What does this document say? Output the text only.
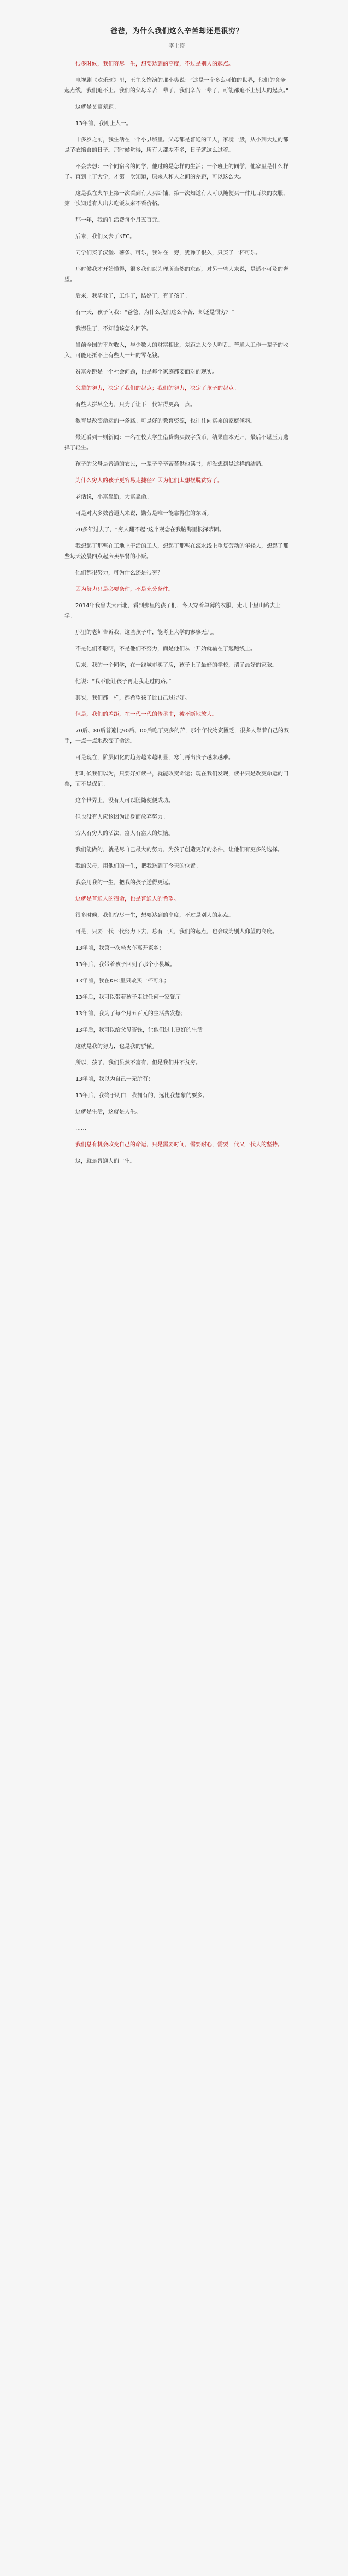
爸爸，为什么我们这么辛苦却还是很穷？
李上涛

很多时候，我们穷尽一生，想要达到的高度，不过是别人的起点。

电视剧《欢乐颂》里，王主义饰演的那小樊说：“这是一个多么可怕的世界，他们的竞争起点线，我们追不上。我们的父母辛苦一辈子，我们辛苦一辈子，可能都追不上别人的起点。”

这就是贫富差距。

13年前，我刚上大一。

十多岁之前，我生活在一个小县城里。父母都是普通的工人，家境一般，从小到大过的都是节衣缩食的日子。那时候觉得，所有人都差不多，日子就这么过着。

不会去想：一个同宿舍的同学，他过的是怎样的生活；一个班上的同学，他家里是什么样子。直到上了大学，才第一次知道，原来人和人之间的差距，可以这么大。

这是我在火车上第一次看到有人买卧铺，第一次知道有人可以随便买一件几百块的衣服，第一次知道有人出去吃饭从来不看价格。

那一年，我的生活费每个月五百元。

后来，我们又去了KFC。

同学们买了汉堡、薯条、可乐，我站在一旁，犹豫了很久，只买了一杯可乐。

那时候我才开始懂得，很多我们以为理所当然的东西，对另一些人来说，是遥不可及的奢望。

后来，我毕业了，工作了，结婚了，有了孩子。

有一天，孩子问我：“爸爸，为什么我们这么辛苦，却还是很穷？”

我愣住了，不知道该怎么回答。

当前全国的平均收入，与少数人的财富相比，差距之大令人咋舌。普通人工作一辈子的收入，可能还抵不上有些人一年的零花钱。

贫富差距是一个社会问题，也是每个家庭都要面对的现实。

父辈的努力，决定了我们的起点；我们的努力，决定了孩子的起点。

有些人拼尽全力，只为了让下一代站得更高一点。

教育是改变命运的一条路。可是好的教育资源，也往往向富裕的家庭倾斜。

最近看到一则新闻：一名在校大学生借贷购买数字货币，结果血本无归，最后不堪压力选择了轻生。

孩子的父母是普通的农民，一辈子辛辛苦苦供他读书，却没想到是这样的结局。

为什么穷人的孩子更容易走捷径？因为他们太想摆脱贫穷了。

老话说，小富靠勤，大富靠命。

可是对大多数普通人来说，勤劳是唯一能靠得住的东西。

20多年过去了，“穷人翻不起”这个观念在我脑海里根深蒂固。

我想起了那些在工地上干活的工人，想起了那些在流水线上重复劳动的年轻人，想起了那些每天凌晨四点起床卖早餐的小贩。

他们都很努力，可为什么还是很穷？

因为努力只是必要条件，不是充分条件。

2014年我曾去大西北，看到那里的孩子们，冬天穿着单薄的衣服，走几十里山路去上学。

那里的老师告诉我，这些孩子中，能考上大学的寥寥无几。

不是他们不聪明，不是他们不努力，而是他们从一开始就输在了起跑线上。

后来，我的一个同学，在一线城市买了房，孩子上了最好的学校，请了最好的家教。

他说：“我不能让孩子再走我走过的路。”

其实，我们都一样，都希望孩子比自己过得好。

但是，我们的差距，在一代一代的传承中，被不断地放大。

70后、80后普遍比90后、00后吃了更多的苦，那个年代物资匮乏，很多人靠着自己的双手，一点一点地改变了命运。

可是现在，阶层固化的趋势越来越明显，寒门再出贵子越来越难。

那时候我们以为，只要好好读书，就能改变命运；现在我们发现，读书只是改变命运的门票，而不是保证。

这个世界上，没有人可以随随便便成功。

但也没有人应该因为出身而放弃努力。

穷人有穷人的活法，富人有富人的烦恼。

我们能做的，就是尽自己最大的努力，为孩子创造更好的条件，让他们有更多的选择。

我的父母，用他们的一生，把我送到了今天的位置。

我会用我的一生，把我的孩子送得更远。

这就是普通人的宿命，也是普通人的希望。

很多时候，我们穷尽一生，想要达到的高度，不过是别人的起点。

可是，只要一代一代努力下去，总有一天，我们的起点，也会成为别人仰望的高度。

13年前，我第一次坐火车离开家乡；

13年后，我带着孩子回到了那个小县城。

13年前，我在KFC里只敢买一杯可乐；

13年后，我可以带着孩子走进任何一家餐厅。

13年前，我为了每个月五百元的生活费发愁；

13年后，我可以给父母寄钱，让他们过上更好的生活。

这就是我的努力，也是我的骄傲。

所以，孩子，我们虽然不富有，但是我们并不贫穷。

13年前，我以为自己一无所有；

13年后，我终于明白，我拥有的，远比我想象的要多。

这就是生活，这就是人生。

……

我们总有机会改变自己的命运，只是需要时间，需要耐心，需要一代又一代人的坚持。

这，就是普通人的一生。
